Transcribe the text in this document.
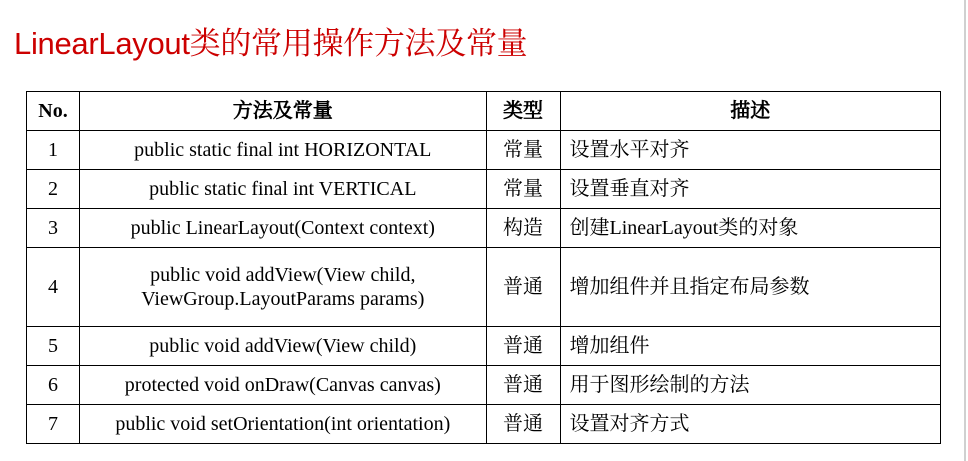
LinearLayout类的常用操作方法及常量
No.	方法及常量	类型	描述
1	public static final int HORIZONTAL	常量	设置水平对齐
2	public static final int VERTICAL	常量	设置垂直对齐
3	public LinearLayout(Context context)	构造	创建LinearLayout类的对象
4	public void addView(View child,
ViewGroup.LayoutParams params)	普通	增加组件并且指定布局参数
5	public void addView(View child)	普通	增加组件
6	protected void onDraw(Canvas canvas)	普通	用于图形绘制的方法
7	public void setOrientation(int orientation)	普通	设置对齐方式
